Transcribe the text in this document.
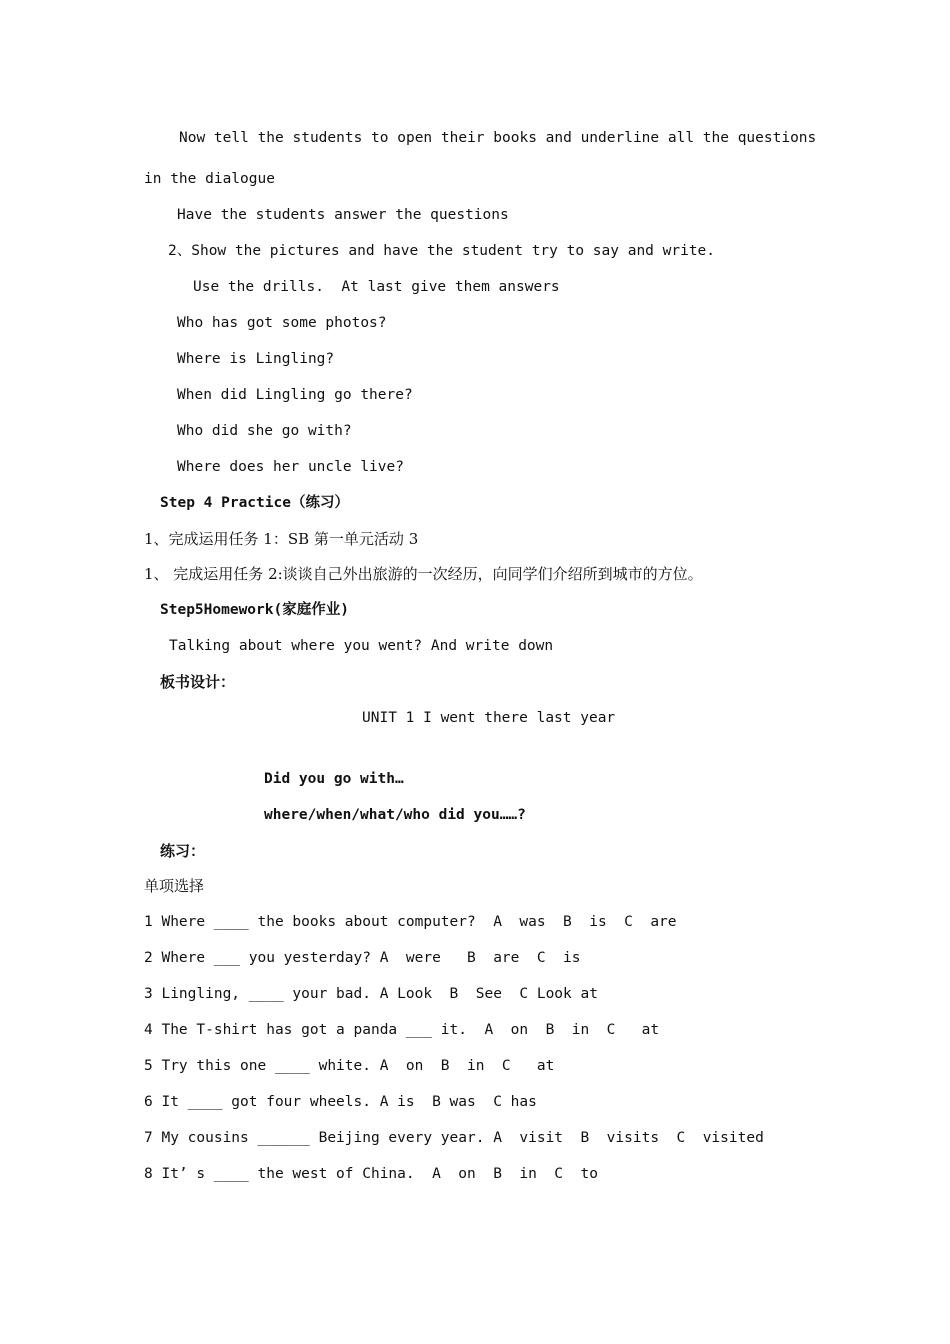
Now tell the students to open their books and underline all the questions
in the dialogue
Have the students answer the questions
2、Show the pictures and have the student try to say and write.
Use the drills.  At last give them answers
Who has got some photos?
Where is Lingling?
When did Lingling go there?
Who did she go with?
Where does her uncle live?
Step 4 Practice（练习）
1、完成运用任务 1：SB 第一单元活动 3
1、 完成运用任务 2:谈谈自己外出旅游的一次经历，向同学们介绍所到城市的方位。
Step5Homework(家庭作业)
Talking about where you went? And write down
板书设计：
UNIT 1 I went there last year
Did you go with…
where/when/what/who did you……?
练习：
单项选择
1 Where ____ the books about computer?  A  was  B  is  C  are
2 Where ___ you yesterday? A  were   B  are  C  is
3 Lingling, ____ your bad. A Look  B  See  C Look at
4 The T-shirt has got a panda ___ it.  A  on  B  in  C   at
5 Try this one ____ white. A  on  B  in  C   at
6 It ____ got four wheels. A is  B was  C has
7 My cousins ______ Beijing every year. A  visit  B  visits  C  visited
8 It’ s ____ the west of China.  A  on  B  in  C  to
